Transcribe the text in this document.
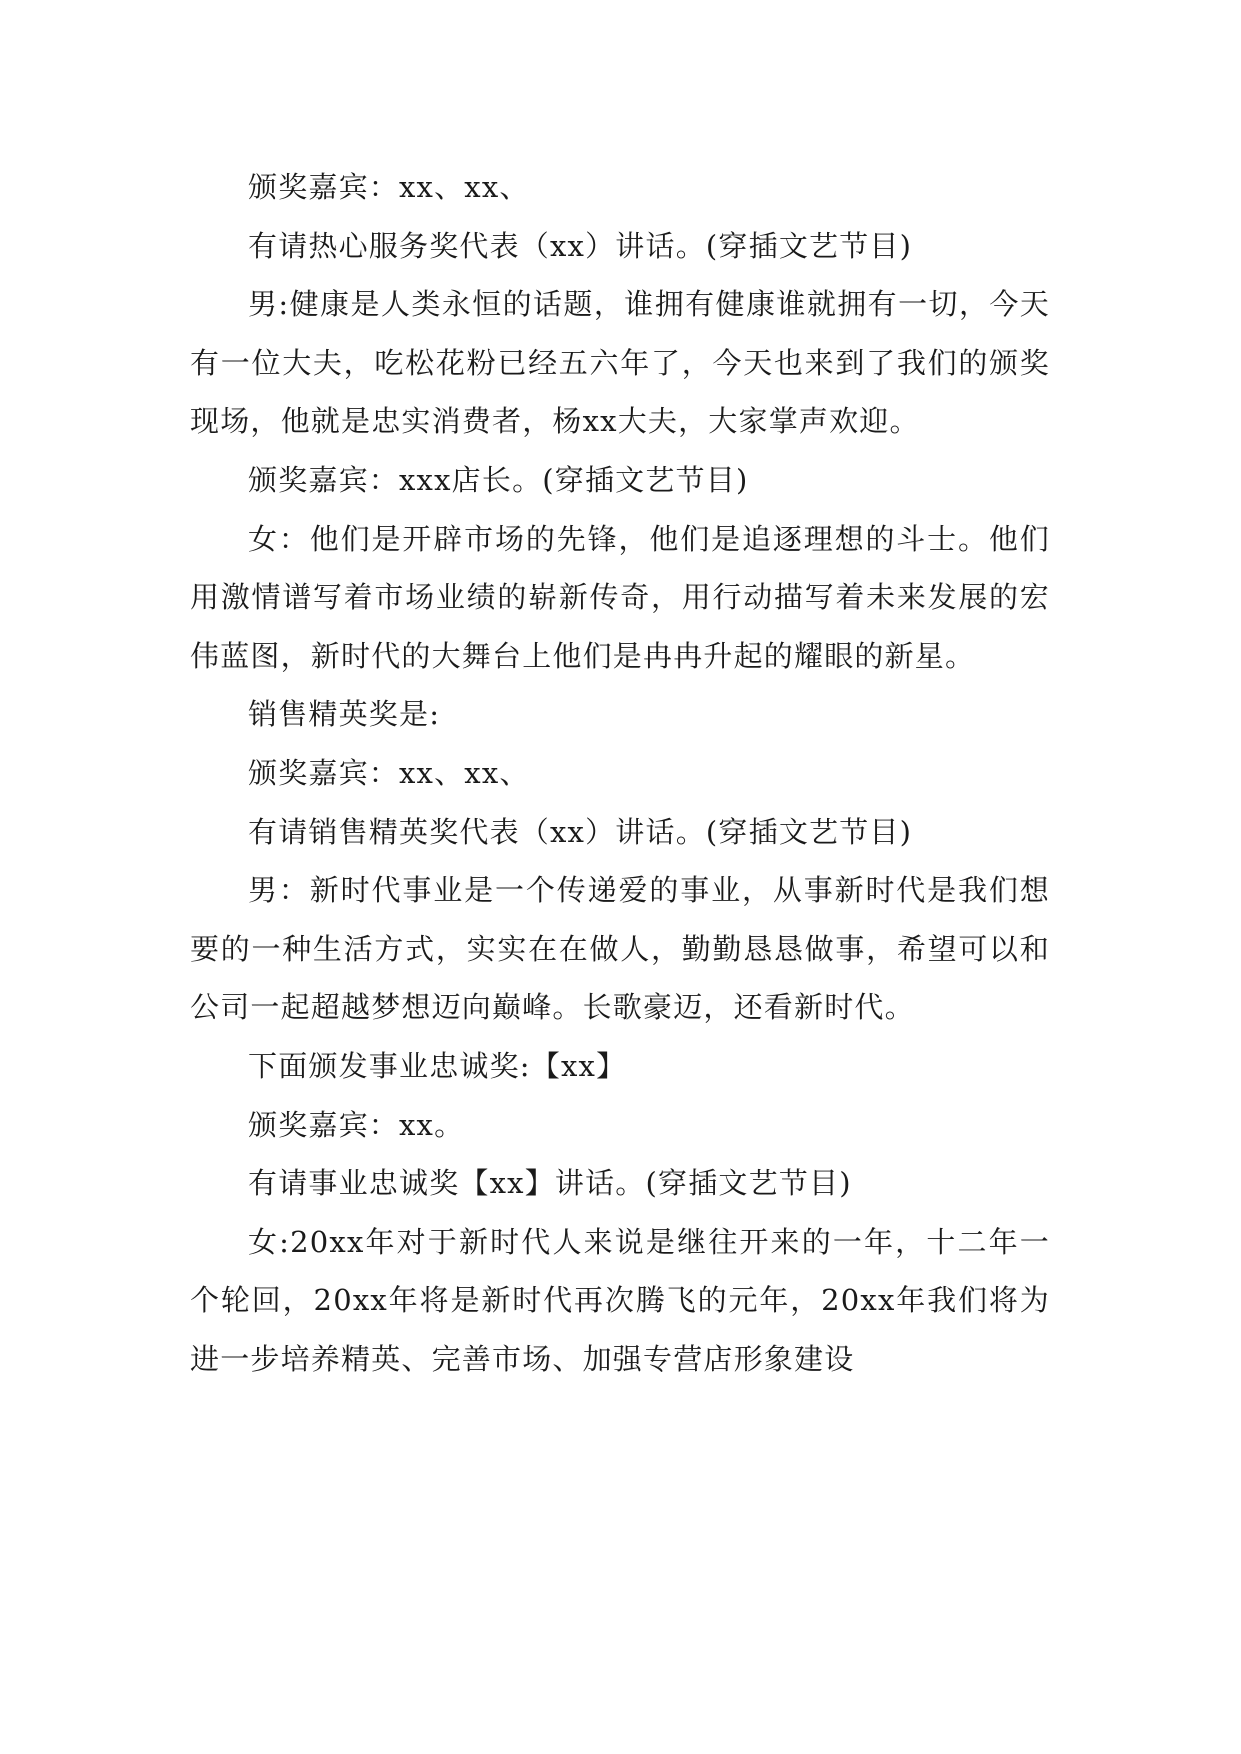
颁奖嘉宾：xx、xx、

有请热心服务奖代表（xx）讲话。(穿插文艺节目)

男:健康是人类永恒的话题，谁拥有健康谁就拥有一切，今天有一位大夫，吃松花粉已经五六年了，今天也来到了我们的颁奖现场，他就是忠实消费者，杨xx大夫，大家掌声欢迎。

颁奖嘉宾：xxx店长。(穿插文艺节目)

女：他们是开辟市场的先锋，他们是追逐理想的斗士。他们用激情谱写着市场业绩的崭新传奇，用行动描写着未来发展的宏伟蓝图，新时代的大舞台上他们是冉冉升起的耀眼的新星。

销售精英奖是:

颁奖嘉宾：xx、xx、

有请销售精英奖代表（xx）讲话。(穿插文艺节目)

男：新时代事业是一个传递爱的事业，从事新时代是我们想要的一种生活方式，实实在在做人，勤勤恳恳做事，希望可以和公司一起超越梦想迈向巅峰。长歌豪迈，还看新时代。

下面颁发事业忠诚奖:【xx】

颁奖嘉宾：xx。

有请事业忠诚奖【xx】讲话。(穿插文艺节目)

女:20xx年对于新时代人来说是继往开来的一年，十二年一个轮回，20xx年将是新时代再次腾飞的元年，20xx年我们将为进一步培养精英、完善市场、加强专营店形象建设
